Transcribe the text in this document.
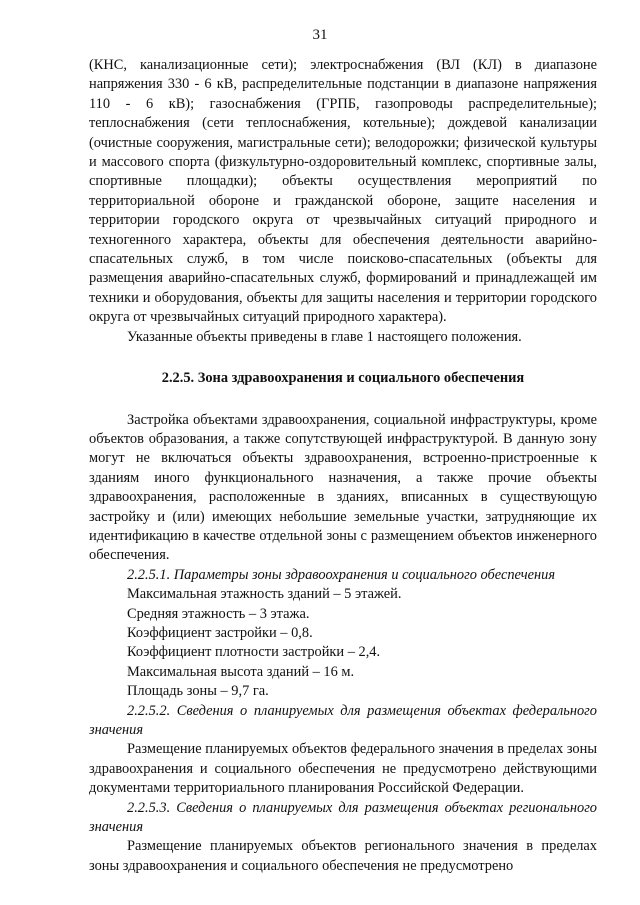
31

(КНС, канализационные сети); электроснабжения (ВЛ (КЛ) в диапазоне напряжения 330 - 6 кВ, распределительные подстанции в диапазоне напряжения 110 - 6 кВ); газоснабжения (ГРПБ, газопроводы распределительные); теплоснабжения (сети теплоснабжения, котельные); дождевой канализации (очистные сооружения, магистральные сети); велодорожки; физической культуры и массового спорта (физкультурно-оздоровительный комплекс, спортивные залы, спортивные площадки); объекты осуществления мероприятий по территориальной обороне и гражданской обороне, защите населения и территории городского округа от чрезвычайных ситуаций природного и техногенного характера, объекты для обеспечения деятельности аварийно-спасательных служб, в том числе поисково-спасательных (объекты для размещения аварийно-спасательных служб, формирований и принадлежащей им техники и оборудования, объекты для защиты населения и территории городского округа от чрезвычайных ситуаций природного характера).

Указанные объекты приведены в главе 1 настоящего положения.

2.2.5. Зона здравоохранения и социального обеспечения

Застройка объектами здравоохранения, социальной инфраструктуры, кроме объектов образования, а также сопутствующей инфраструктурой. В данную зону могут не включаться объекты здравоохранения, встроенно-пристроенные к зданиям иного функционального назначения, а также прочие объекты здравоохранения, расположенные в зданиях, вписанных в существующую застройку и (или) имеющих небольшие земельные участки, затрудняющие их идентификацию в качестве отдельной зоны с размещением объектов инженерного обеспечения.

2.2.5.1. Параметры зоны здравоохранения и социального обеспечения

Максимальная этажность зданий – 5 этажей.

Средняя этажность – 3 этажа.

Коэффициент застройки – 0,8.

Коэффициент плотности застройки – 2,4.

Максимальная высота зданий – 16 м.

Площадь зоны – 9,7 га.

2.2.5.2. Сведения о планируемых для размещения объектах федерального значения

Размещение планируемых объектов федерального значения в пределах зоны здравоохранения и социального обеспечения не предусмотрено действующими документами территориального планирования Российской Федерации.

2.2.5.3. Сведения о планируемых для размещения объектах регионального значения

Размещение планируемых объектов регионального значения в пределах зоны здравоохранения и социального обеспечения не предусмотрено
